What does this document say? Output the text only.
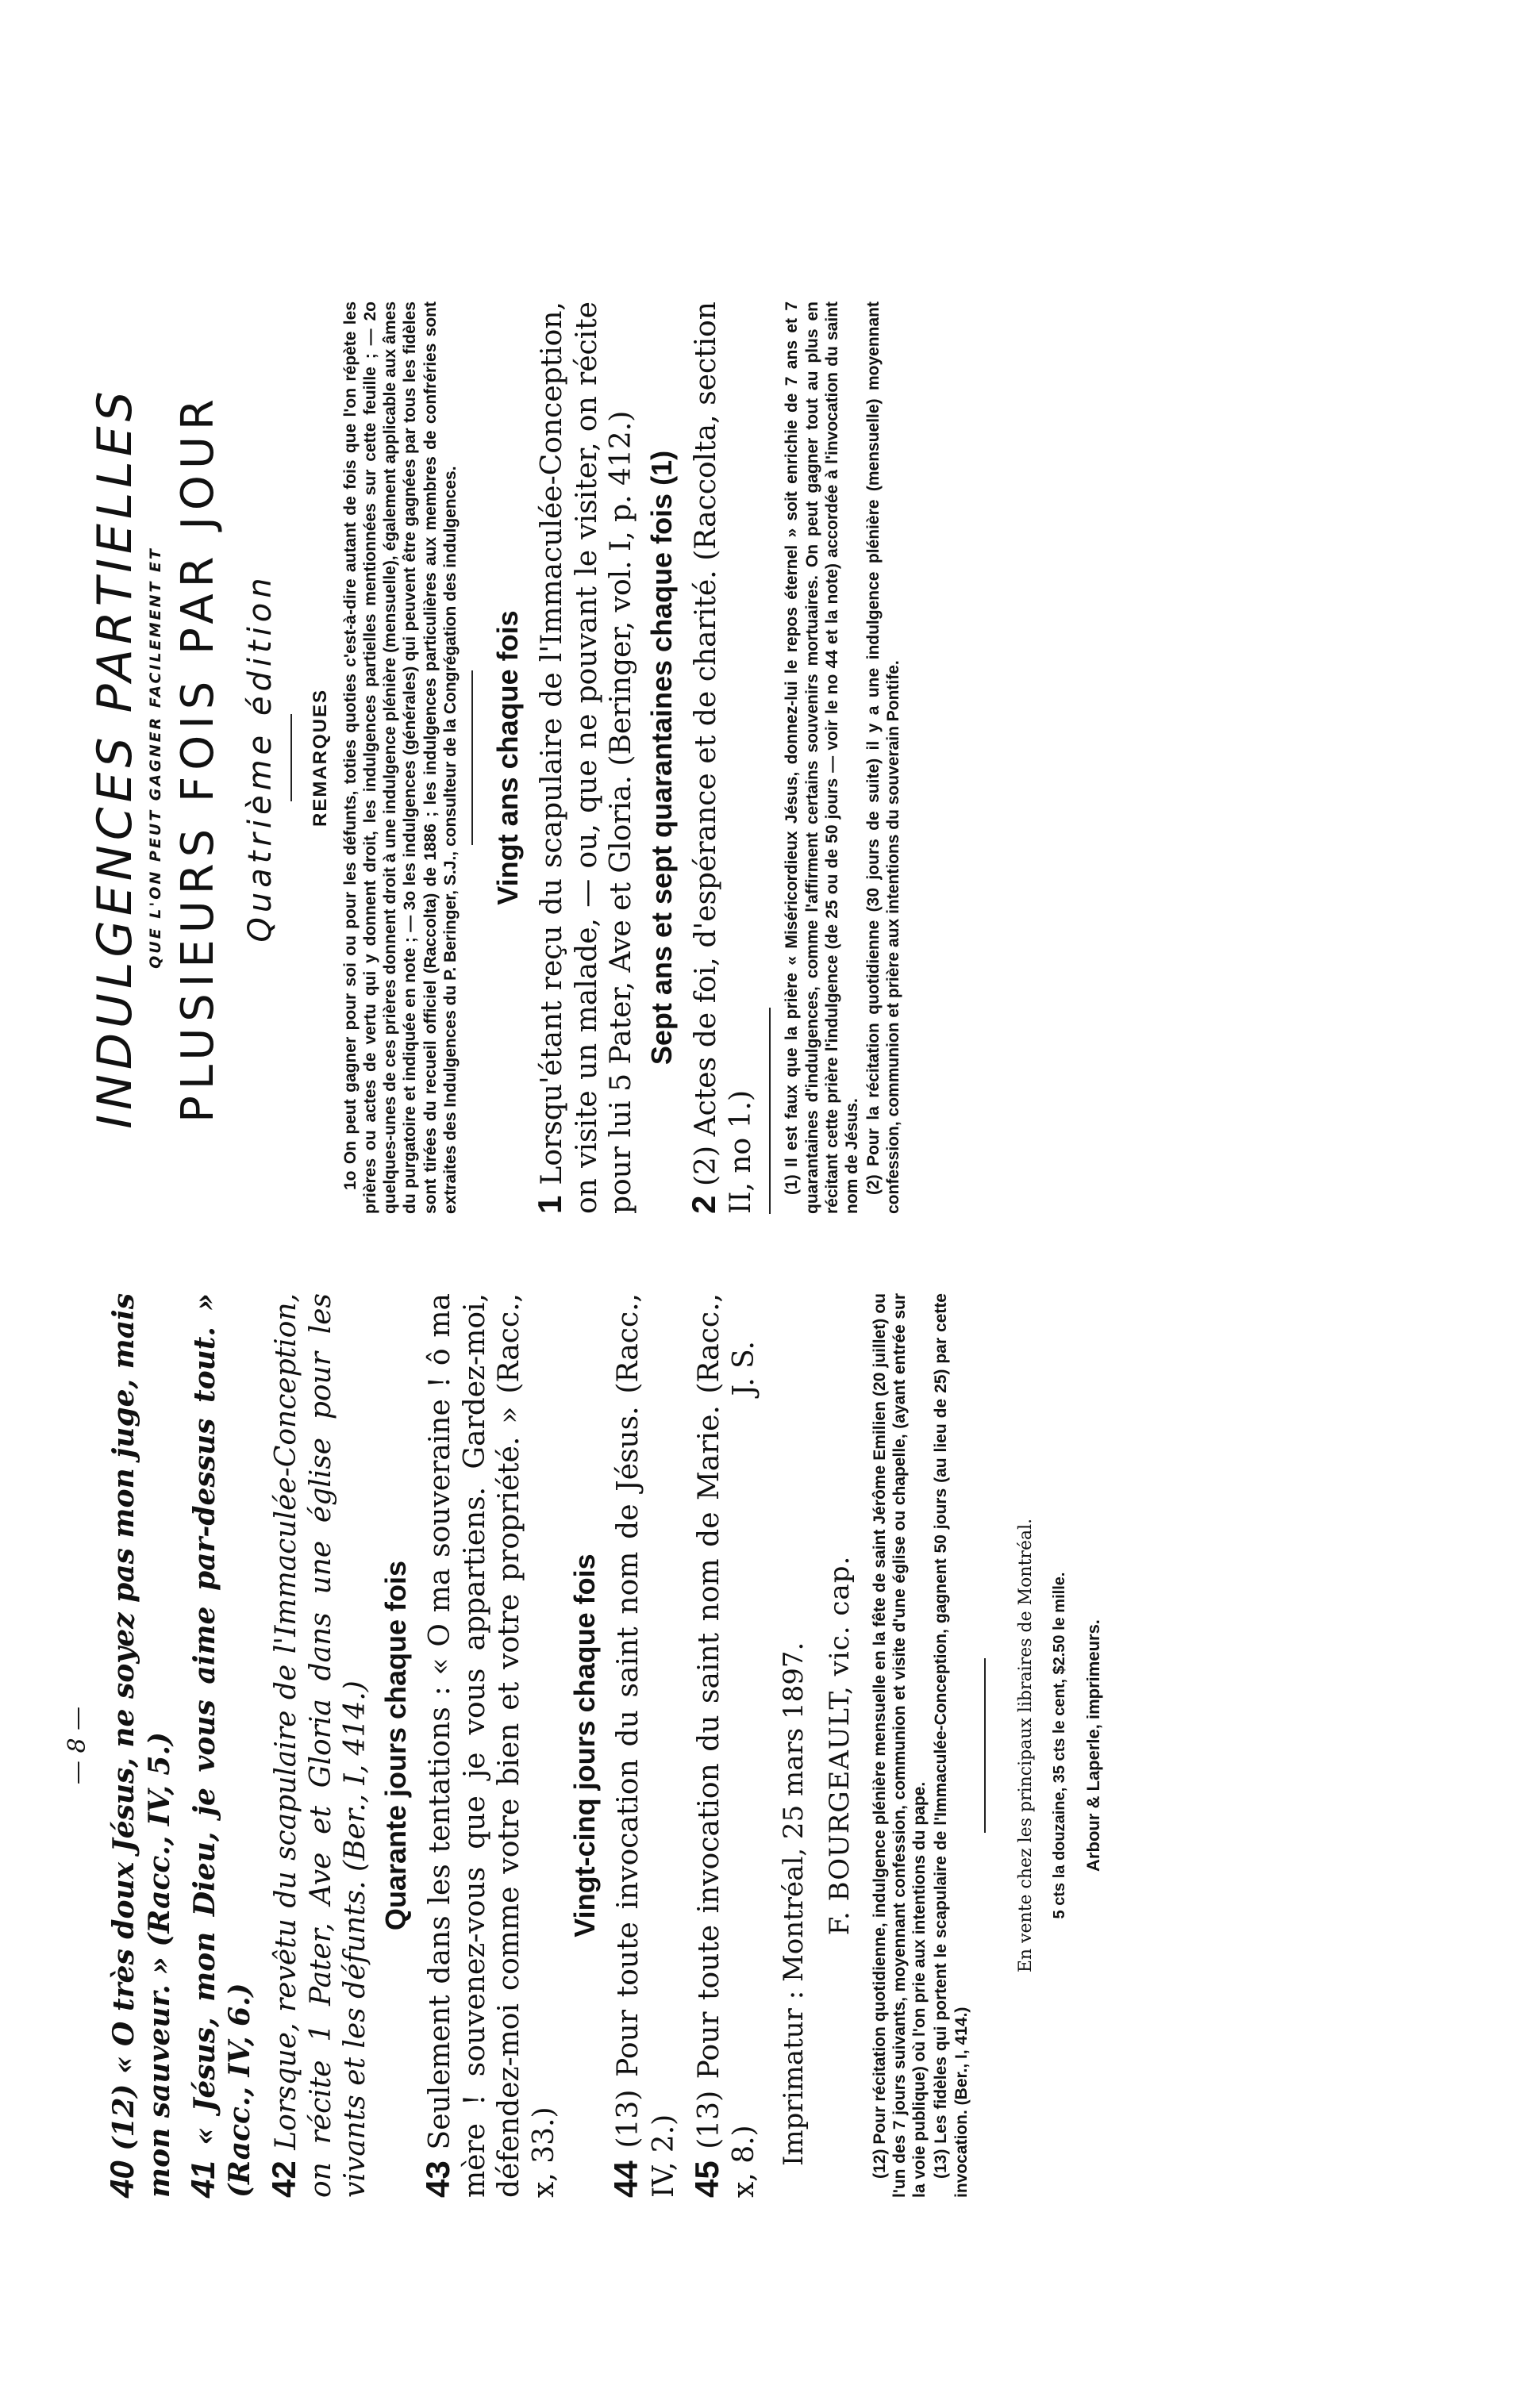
INDULGENCES PARTIELLES QUE L'ON PEUT GAGNER FACILEMENT ET PLUSIEURS FOIS PAR JOUR Quatrième édition REMARQUES 1o On peut gagner pour soi ou pour les défunts, toties quoties c'est-à-dire autant de fois que l'on répète les prières ou actes de vertu qui y donnent droit, les indulgences partielles mentionnées sur cette feuille ; — 2o quelques-unes de ces prières donnent droit à une indulgence plénière (mensuelle), également applicable aux âmes du purgatoire et indiquée en note ; — 3o les indulgences (générales) qui peuvent être gagnées par tous les fidèles sont tirées du recueil officiel (Raccolta) de 1886 ; les indulgences particulières aux membres de confréries sont extraites des Indulgences du P. Beringer, S.J., consulteur de la Congrégation des indulgences. Vingt ans chaque fois
1 Lorsqu'étant reçu du scapulaire de l'Immaculée-Conception, on visite un malade, — ou, que ne pouvant le visiter, on récite pour lui 5 Pater, Ave et Gloria. (Beringer, vol. I, p. 412.) Sept ans et sept quarantaines chaque fois (1)
2 (2) Actes de foi, d'espérance et de charité. (Raccolta, section II, no 1.) (1) Il est faux que la prière « Miséricordieux Jésus, donnez-lui le repos éternel » soit enrichie de 7 ans et 7 quarantaines d'indulgences, comme l'affirment certains souvenirs mortuaires. On peut gagner tout au plus en récitant cette prière l'indulgence (de 25 ou de 50 jours — voir le no 44 et la note) accordée à l'invocation du saint nom de Jésus. (2) Pour la récitation quotidienne (30 jours de suite) il y a une indulgence plénière (mensuelle) moyennant confession, communion et prière aux intentions du souverain Pontife.

— 8 —
40 (12) « O très doux Jésus, ne soyez pas mon juge, mais mon sauveur. » (Racc., IV, 5.) 41 « Jésus, mon Dieu, je vous aime par-dessus tout. » (Racc., IV, 6.) 42 Lorsque, revêtu du scapulaire de l'Immaculée-Conception, on récite 1 Pater, Ave et Gloria dans une église pour les vivants et les défunts. (Ber., I, 414.) Quarante jours chaque fois
43 Seulement dans les tentations : « O ma souveraine ! ô ma mère ! souvenez-vous que je vous appartiens. Gardez-moi, défendez-moi comme votre bien et votre propriété. » (Racc., x, 33.)
Vingt-cinq jours chaque fois
44 (13) Pour toute invocation du saint nom de Jésus. (Racc., IV, 2.) 45 (13) Pour toute invocation du saint nom de Marie. (Racc., x, 8.)
J. S.
Imprimatur : Montréal, 25 mars 1897. F. BOURGEAULT, vic. cap. (12) Pour récitation quotidienne, indulgence plénière mensuelle en la fête de saint Jérôme Emilien (20 juillet) ou l'un des 7 jours suivants, moyennant confession, communion et visite d'une église ou chapelle, (ayant entrée sur la voie publique) où l'on prie aux intentions du pape. (13) Les fidèles qui portent le scapulaire de l'Immaculée-Conception, gagnent 50 jours (au lieu de 25) par cette invocation. (Ber., I, 414.)

En vente chez les principaux libraires de Montréal. 5 cts la douzaine, 35 cts le cent, $2.50 le mille. Arbour & Laperle, imprimeurs.
